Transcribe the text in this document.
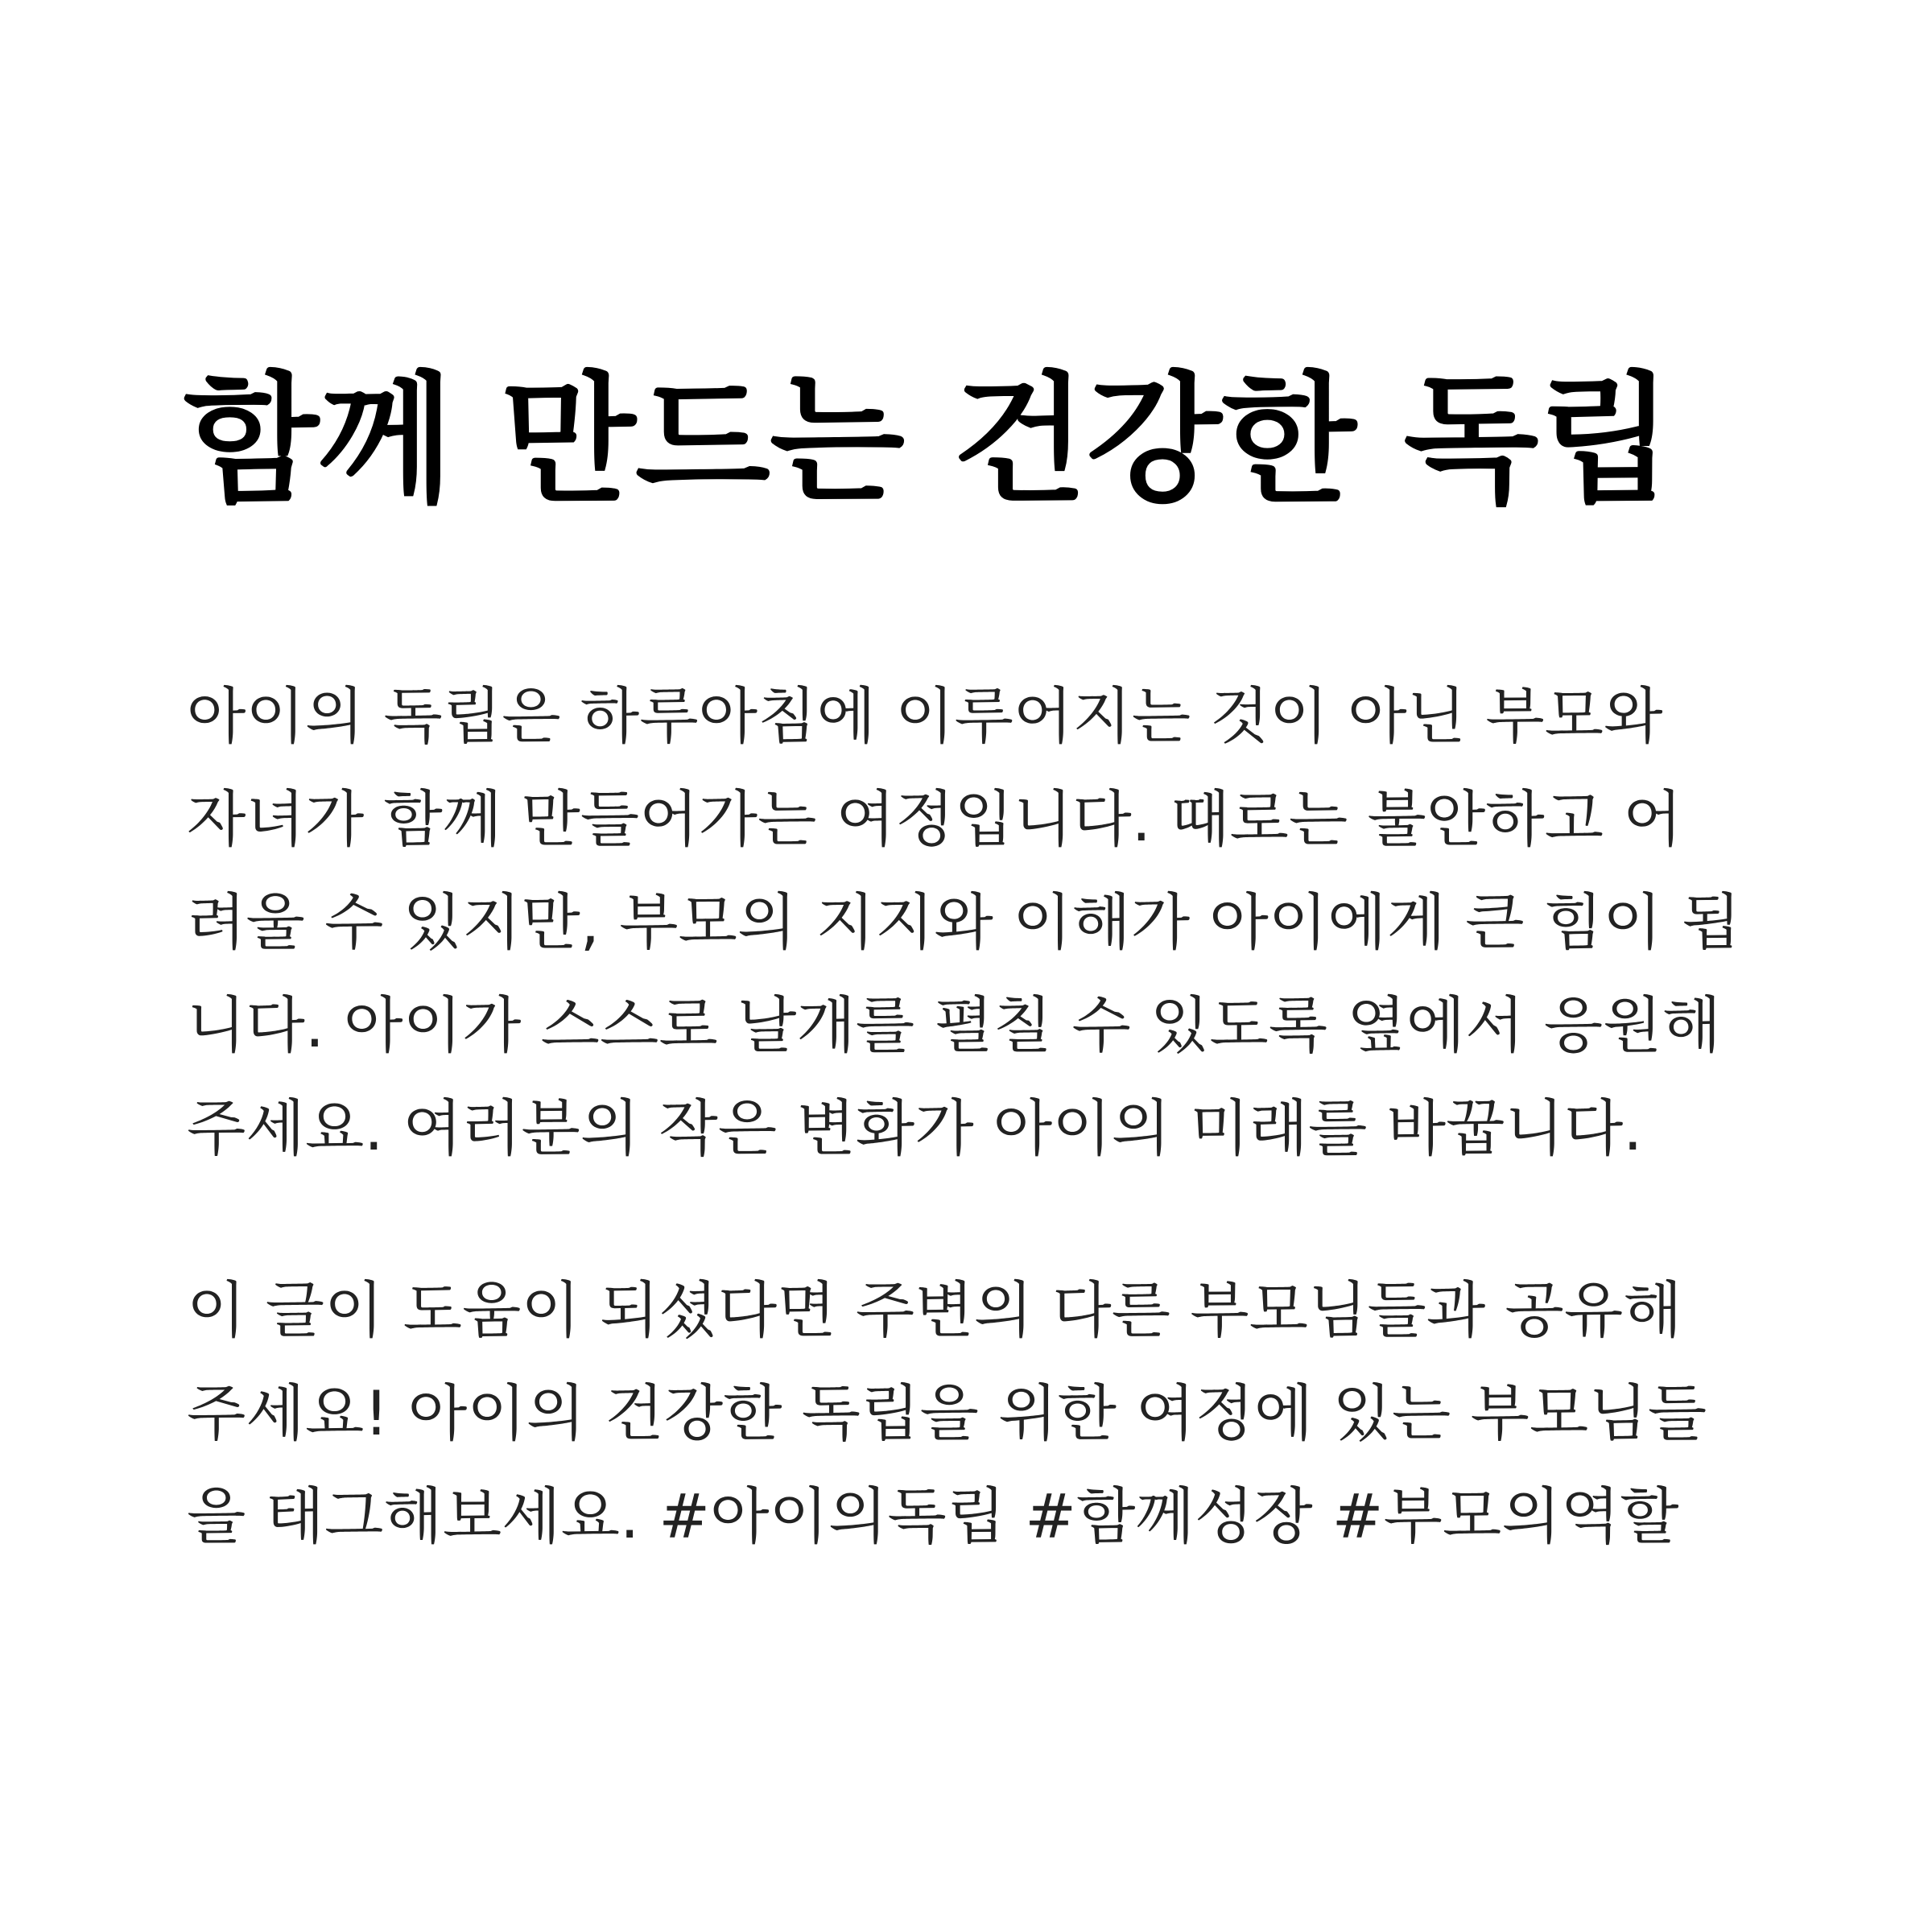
함께 만드는 건강한 독립

아이의 독립은 하루아침에 이루어지는 것이 아닌 부모와
자녀가 함께 만들어가는 여정입니다. 때로는 불안하고 어
려울 수 있지만, 부모의 지지와 이해가 아이에게 큰 힘이 됩
니다. 아이가 스스로 날개를 펼칠 수 있도록 옆에서 응원해
주세요. 여러분의 작은 변화가 아이의 미래를 바꿉니다.

이 글이 도움이 되셨다면 주변의 다른 부모님들과 공유해
주세요! 아이의 건강한 독립을 위한 여정에 있는 부모님들
을 태그해보세요. #아이의독립 #함께성장 #부모의역할
